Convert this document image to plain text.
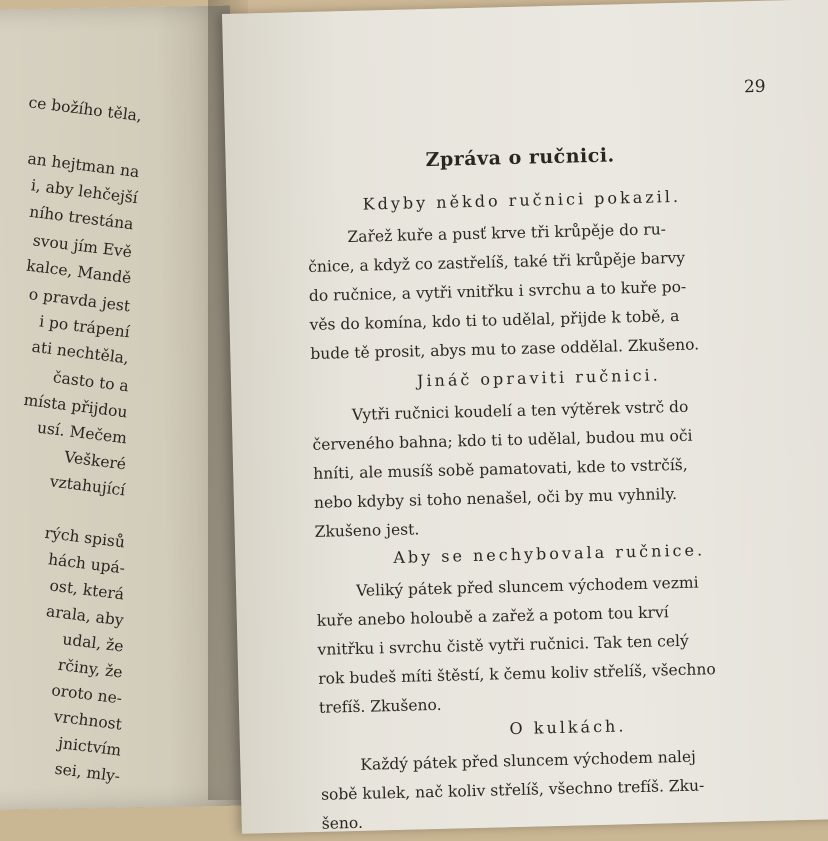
ce božího těla,
an hejtman na
i, aby lehčejší
ního trestána
svou jím Evě
kalce, Mandě
o pravda jest
i po trápení
ati nechtěla,
často to a
místa přijdou
usí. Mečem
Veškeré
vztahující
rých spisů
hách upá-
ost, která
arala, aby
udal, že
rčiny, že
oroto ne-
vrchnost
jnictvím
sei, mly-
29
Zpráva o ručnici.
Kdyby někdo ručnici pokazil.
Zařež kuře a pusť krve tři krůpěje do ru-
čnice, a když co zastřelíš, také tři krůpěje barvy
do ručnice, a vytři vnitřku i svrchu a to kuře po-
věs do komína, kdo ti to udělal, přijde k tobě, a
bude tě prosit, abys mu to zase oddělal. Zkušeno.
Jináč opraviti ručnici.
Vytři ručnici koudelí a ten výtěrek vstrč do
červeného bahna; kdo ti to udělal, budou mu oči
hníti, ale musíš sobě pamatovati, kde to vstrčíš,
nebo kdyby si toho nenašel, oči by mu vyhnily.
Zkušeno jest.
Aby se nechybovala ručnice.
Veliký pátek před sluncem východem vezmi
kuře anebo holoubě a zařež a potom tou krví
vnitřku i svrchu čistě vytři ručnici. Tak ten celý
rok budeš míti štěstí, k čemu koliv střelíš, všechno
trefíš. Zkušeno.
O kulkách.
Každý pátek před sluncem východem nalej
sobě kulek, nač koliv střelíš, všechno trefíš. Zku-
šeno.
